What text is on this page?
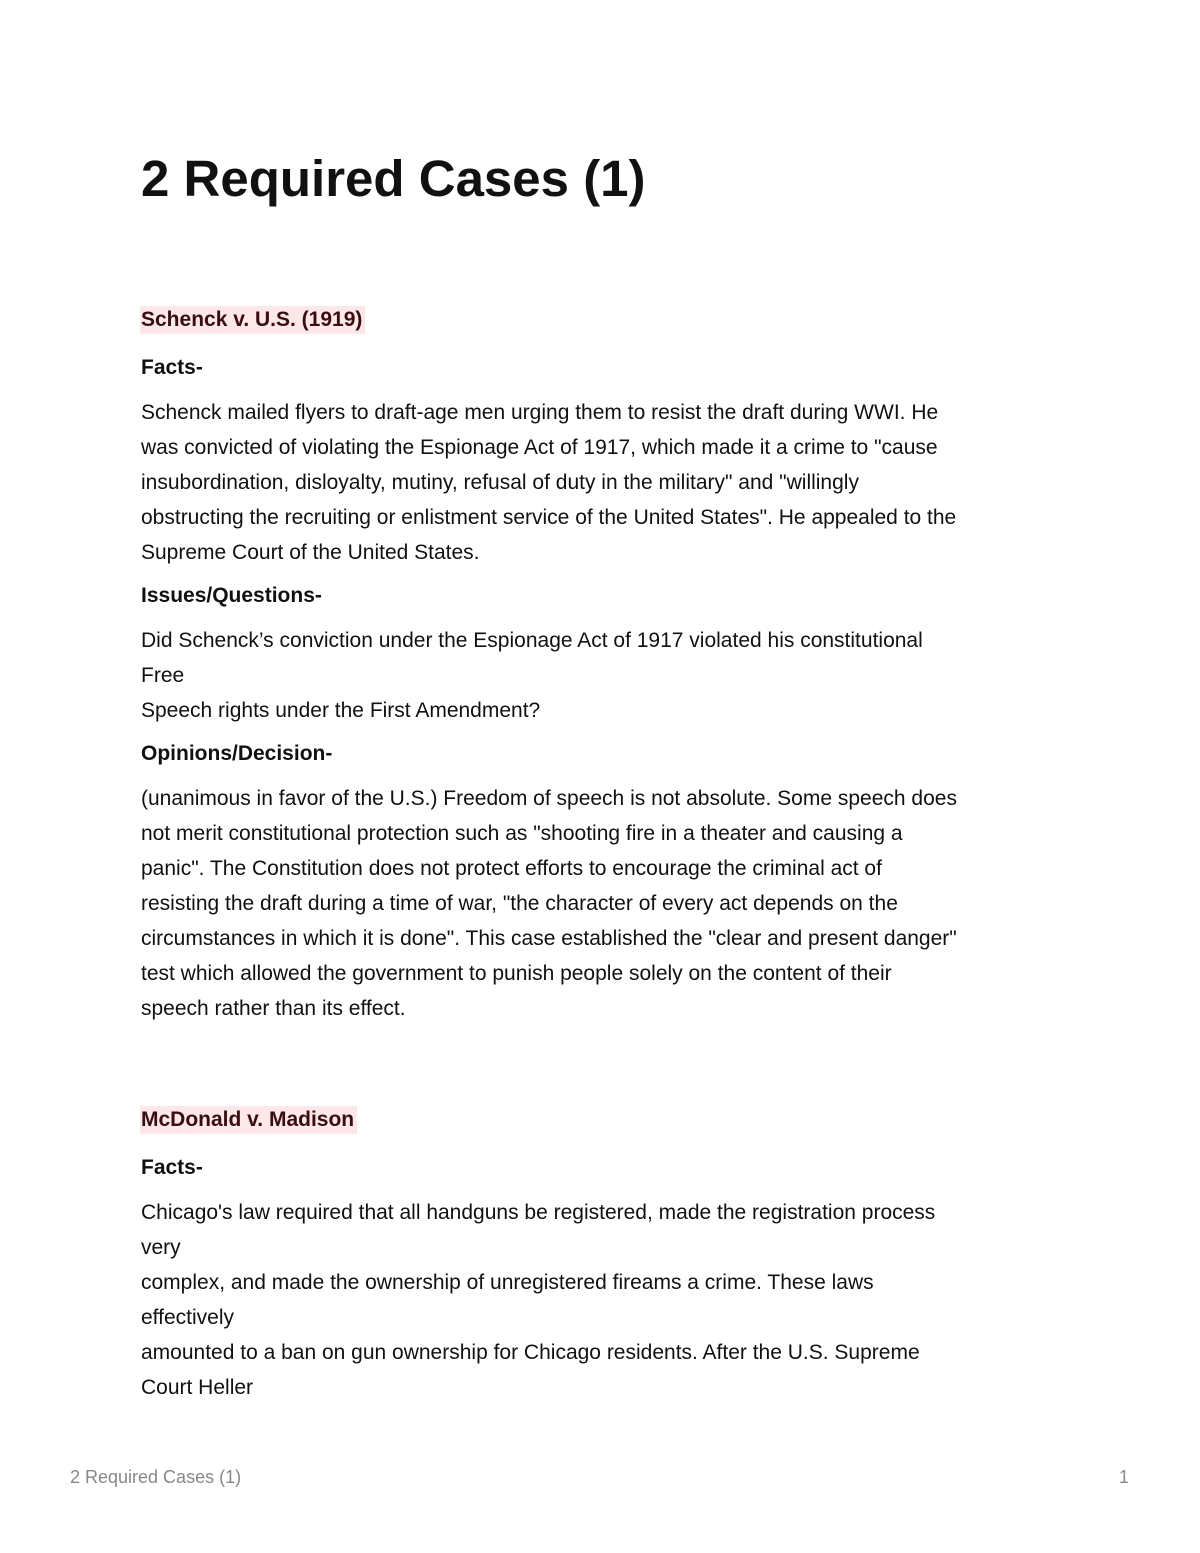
2 Required Cases (1)
Schenck v. U.S. (1919)
Facts-

Schenck mailed flyers to draft-age men urging them to resist the draft during WWI. He
was convicted of violating the Espionage Act of 1917, which made it a crime to "cause
insubordination, disloyalty, mutiny, refusal of duty in the military" and "willingly
obstructing the recruiting or enlistment service of the United States". He appealed to the
Supreme Court of the United States.

Issues/Questions-

Did Schenck’s conviction under the Espionage Act of 1917 violated his constitutional
Free
Speech rights under the First Amendment?

Opinions/Decision-

(unanimous in favor of the U.S.) Freedom of speech is not absolute. Some speech does
not merit constitutional protection such as "shooting fire in a theater and causing a
panic". The Constitution does not protect efforts to encourage the criminal act of
resisting the draft during a time of war, "the character of every act depends on the
circumstances in which it is done". This case established the "clear and present danger"
test which allowed the government to punish people solely on the content of their
speech rather than its effect.

McDonald v. Madison
Facts-

Chicago's law required that all handguns be registered, made the registration process
very
complex, and made the ownership of unregistered fireams a crime. These laws
effectively
amounted to a ban on gun ownership for Chicago residents. After the U.S. Supreme
Court Heller

2 Required Cases (1)	1
